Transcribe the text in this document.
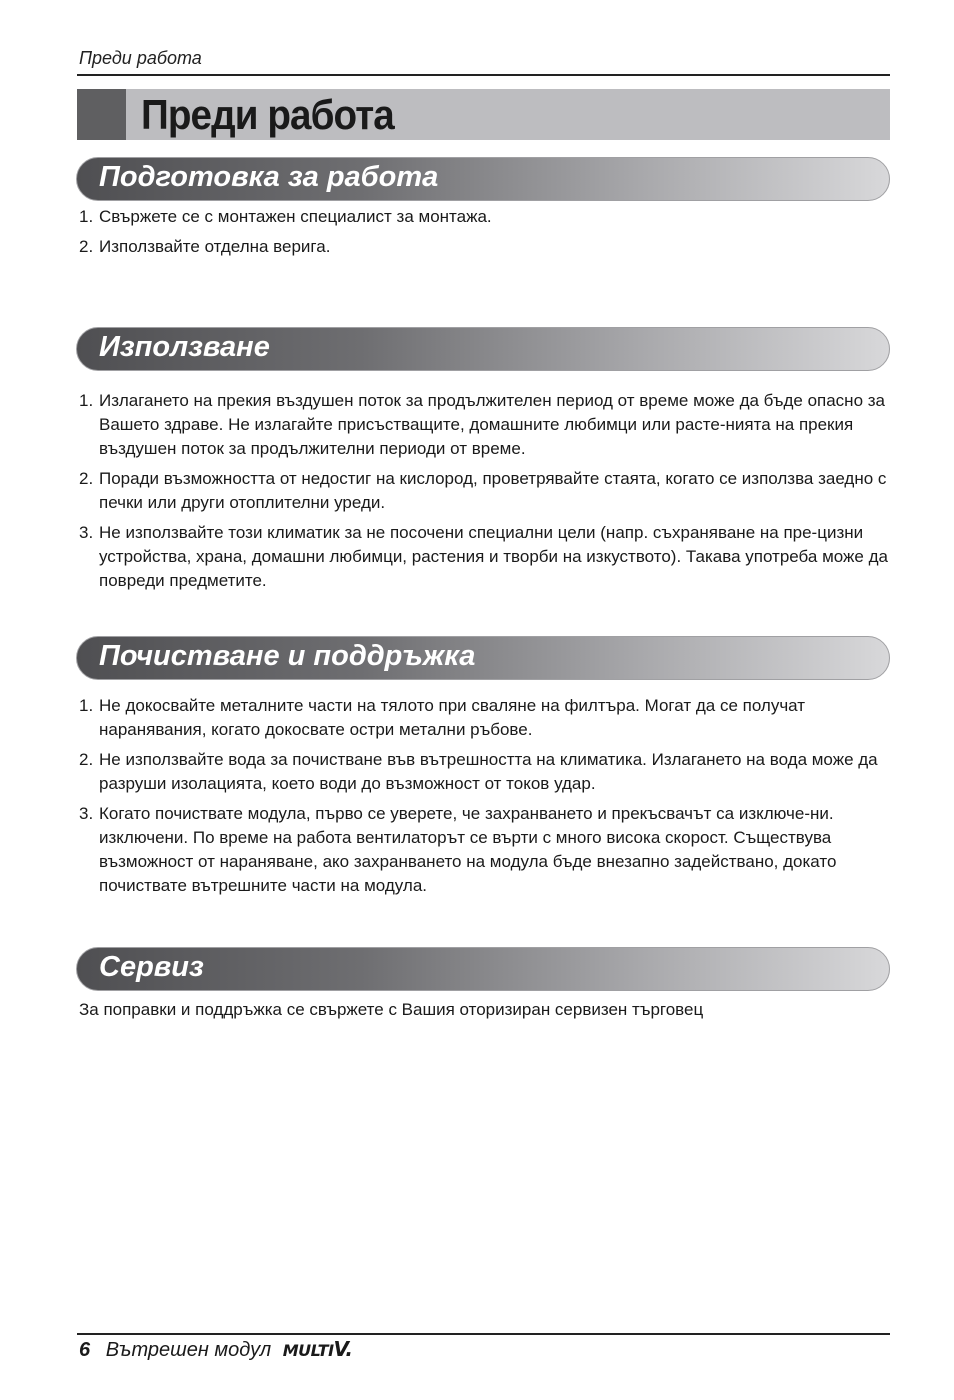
Преди работа
Преди работа
Подготовка за работа
1. Свържете се с монтажен специалист за монтажа.
2. Използвайте отделна верига.
Използване
1. Излагането на прекия въздушен поток за продължителен период от време може да бъде опасно за Вашето здраве. Не излагайте присъстващите, домашните любимци или расте-нията на прекия въздушен поток за продължителни периоди от време.
2. Поради възможността от недостиг на кислород, проветрявайте стаята, когато се използва заедно с печки или други отоплителни уреди.
3. Не използвайте този климатик за не посочени специални цели (напр. съхраняване на пре-цизни устройства, храна, домашни любимци, растения и творби на изкуството). Такава употреба може да повреди предметите.
Почистване и поддръжка
1. Не докосвайте металните части на тялото при сваляне на филтъра. Могат да се получат наранявания, когато докосвате остри метални ръбове.
2. Не използвайте вода за почистване във вътрешността на климатика. Излагането на вода може да разруши изолацията, което води до възможност от токов удар.
3. Когато почиствате модула, първо се уверете, че захранването и прекъсвачът са изключе-ни. изключени. По време на работа вентилаторът се върти с много висока скорост. Съществува възможност от нараняване, ако захранването на модула бъде внезапно задействано, докато почиствате вътрешните части на модула.
Сервиз
За поправки и поддръжка се свържете с Вашия оторизиран сервизен търговец
6 Вътрешен модул MULTIV.
